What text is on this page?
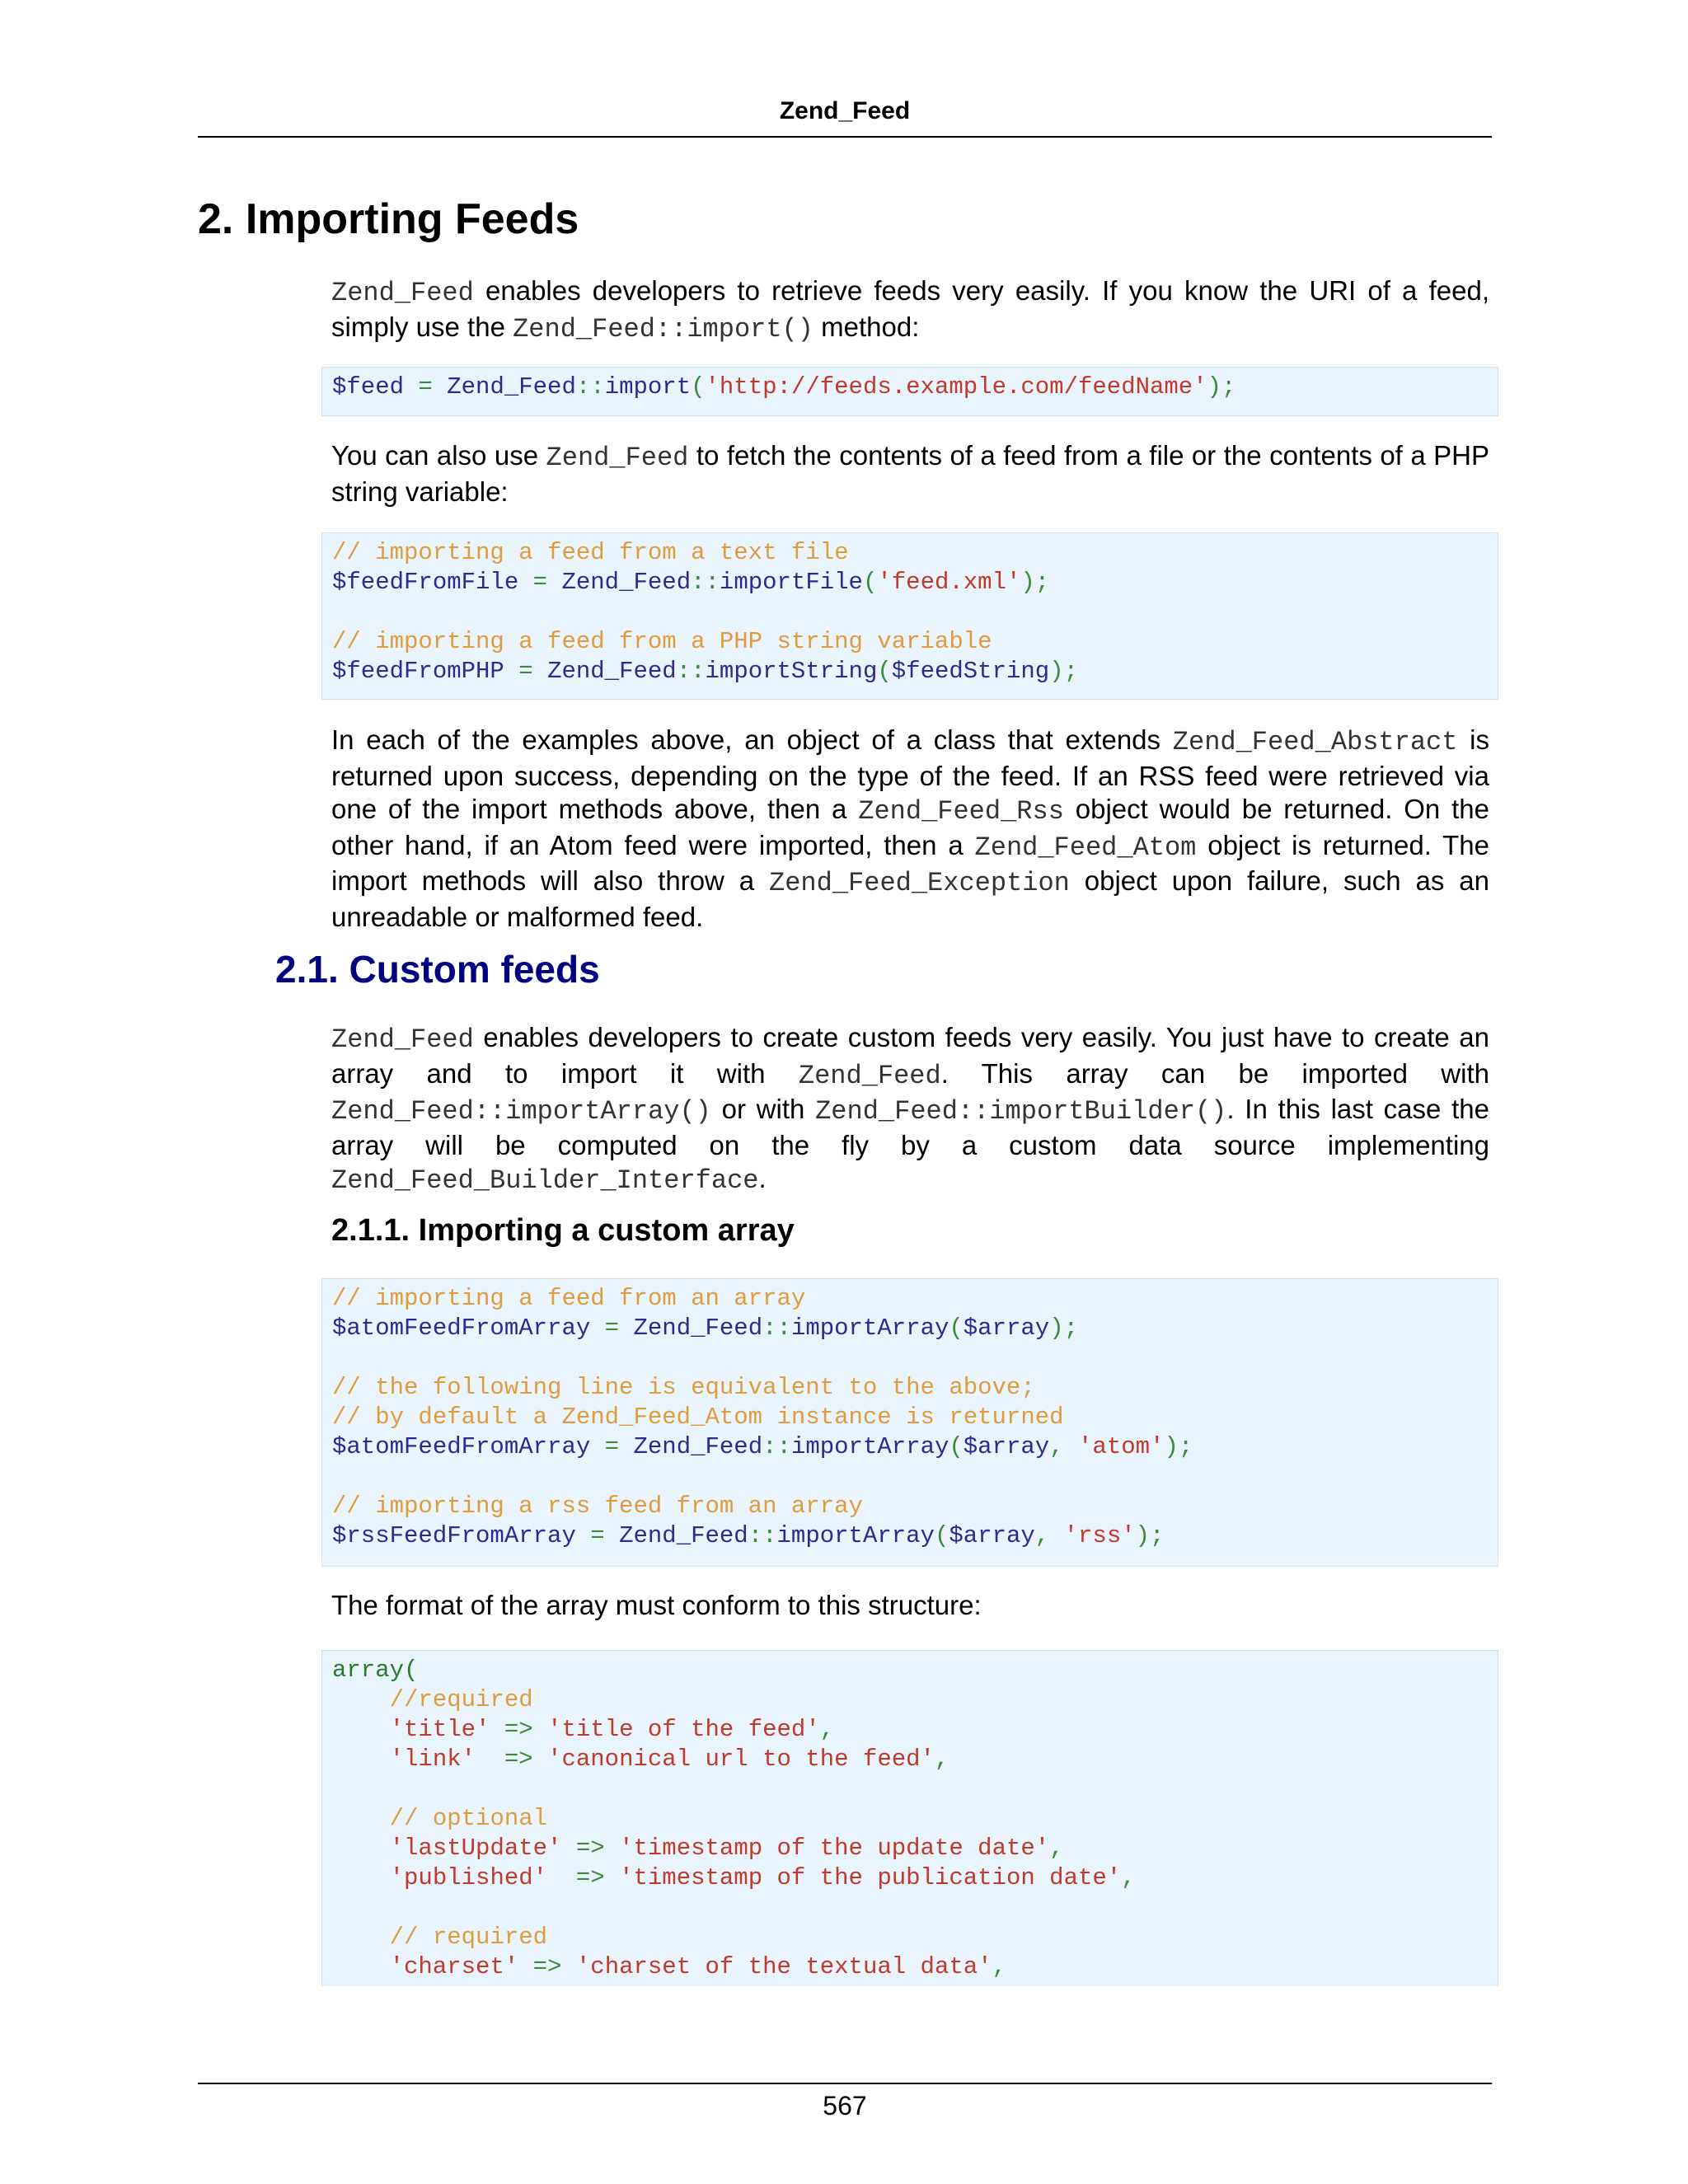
Zend_Feed
2. Importing Feeds

Zend_Feed enables developers to retrieve feeds very easily. If you know the URI of a feed, simply use the Zend_Feed::import() method:

$feed = Zend_Feed::import('http://feeds.example.com/feedName');

You can also use Zend_Feed to fetch the contents of a feed from a file or the contents of a PHP string variable:

// importing a feed from a text file
$feedFromFile = Zend_Feed::importFile('feed.xml');
// importing a feed from a PHP string variable
$feedFromPHP = Zend_Feed::importString($feedString);

In each of the examples above, an object of a class that extends Zend_Feed_Abstract is returned upon success, depending on the type of the feed. If an RSS feed were retrieved via one of the import methods above, then a Zend_Feed_Rss object would be returned. On the other hand, if an Atom feed were imported, then a Zend_Feed_Atom object is returned. The import methods will also throw a Zend_Feed_Exception object upon failure, such as an unreadable or malformed feed.

2.1. Custom feeds

Zend_Feed enables developers to create custom feeds very easily. You just have to create an array and to import it with Zend_Feed. This array can be imported with Zend_Feed::importArray() or with Zend_Feed::importBuilder(). In this last case the array will be computed on the fly by a custom data source implementing Zend_Feed_Builder_Interface.

2.1.1. Importing a custom array
// importing a feed from an array
$atomFeedFromArray = Zend_Feed::importArray($array);
// the following line is equivalent to the above;
// by default a Zend_Feed_Atom instance is returned
$atomFeedFromArray = Zend_Feed::importArray($array, 'atom');
// importing a rss feed from an array
$rssFeedFromArray = Zend_Feed::importArray($array, 'rss');

The format of the array must conform to this structure:

array(
//required
'title' => 'title of the feed',
'link'  => 'canonical url to the feed',
// optional
'lastUpdate' => 'timestamp of the update date',
'published'  => 'timestamp of the publication date',
// required
'charset' => 'charset of the textual data',
567
